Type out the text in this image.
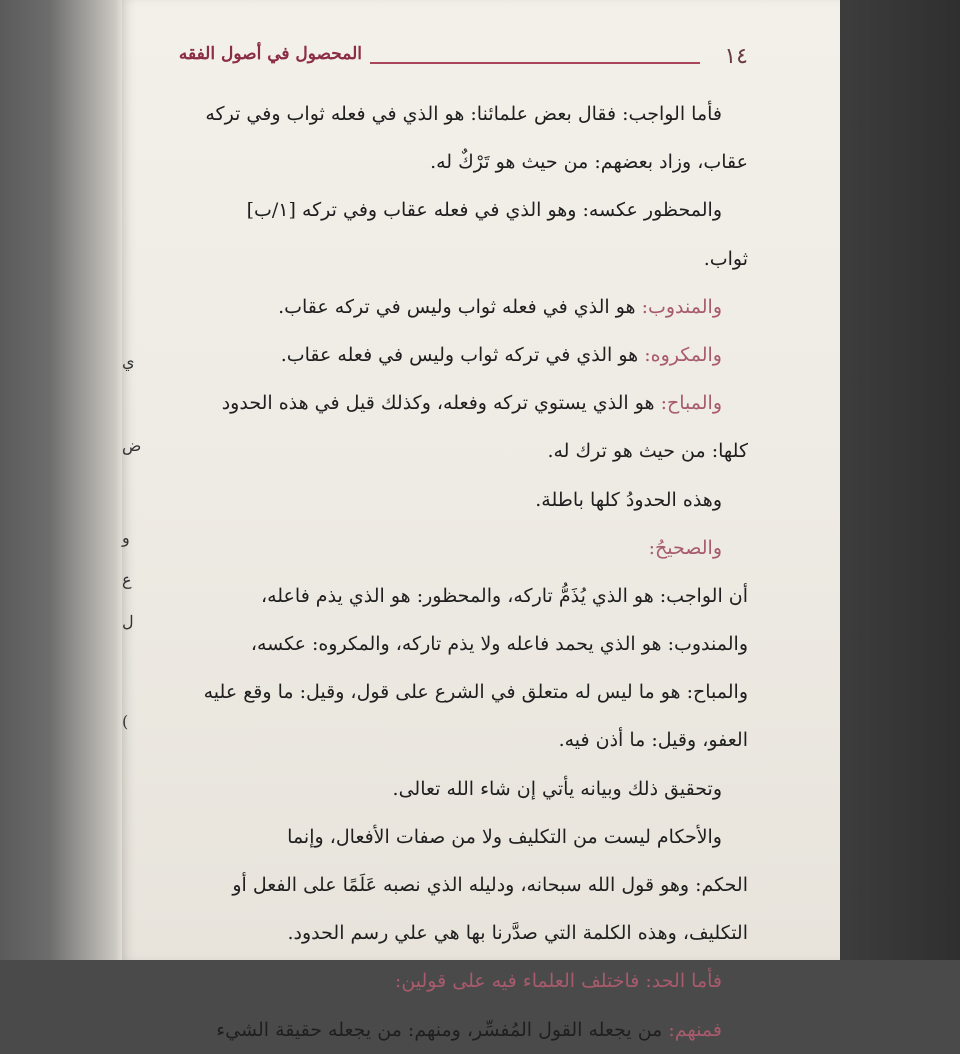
ي
ض
و
ع
ل
(
١٤
المحصول في أصول الفقه
فأما الواجب: فقال بعض علمائنا: هو الذي في فعله ثواب وفي تركه
عقاب، وزاد بعضهم: من حيث هو تَرْكٌ له.
والمحظور عكسه: وهو الذي في فعله عقاب وفي تركه [١/ب]
ثواب.
والمندوب: هو الذي في فعله ثواب وليس في تركه عقاب.
والمكروه: هو الذي في تركه ثواب وليس في فعله عقاب.
والمباح: هو الذي يستوي تركه وفعله، وكذلك قيل في هذه الحدود
كلها: من حيث هو ترك له.
وهذه الحدودُ كلها باطلة.
والصحيحُ:
أن الواجب: هو الذي يُذَمُّ تاركه، والمحظور: هو الذي يذم فاعله،
والمندوب: هو الذي يحمد فاعله ولا يذم تاركه، والمكروه: عكسه،
والمباح: هو ما ليس له متعلق في الشرع على قول، وقيل: ما وقع عليه
العفو، وقيل: ما أذن فيه.
وتحقيق ذلك وبيانه يأتي إن شاء الله تعالى.
والأحكام ليست من التكليف ولا من صفات الأفعال، وإنما
الحكم: وهو قول الله سبحانه، ودليله الذي نصبه عَلَمًا على الفعل أو
التكليف، وهذه الكلمة التي صدَّرنا بها هي علي رسم الحدود.
فأما الحد: فاختلف العلماء فيه على قولين:
فمنهم: من يجعله القول المُفسِّر، ومنهم: من يجعله حقيقة الشيء
